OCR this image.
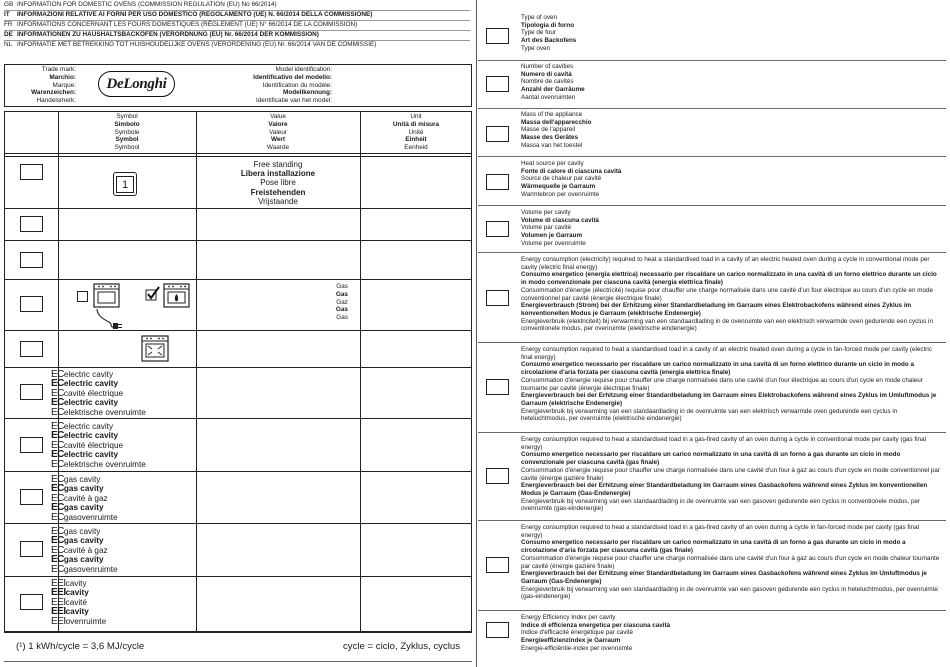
GB INFORMATION FOR DOMESTIC OVENS (COMMISSION REGULATION (EU) No 66/2014)
IT INFORMAZIONI RELATIVE AI FORNI PER USO DOMESTICO (REGOLAMENTO (UE) N. 66/2014 DELLA COMMISSIONE)
FR INFORMATIONS CONCERNANT LES FOURS DOMESTIQUES (RÈGLEMENT (UE) N° 66/2014 DE LA COMMISSION)
DE INFORMATIONEN ZU HAUSHALTSBACKÖFEN (VERORDNUNG (EU) Nr. 66/2014 DER KOMMISSION)
NL INFORMATIE MET BETREKKING TOT HUISHOUDELIJKE OVENS (VERORDENING (EU) Nr. 66/2014 VAN DE COMMISSIE)
Trade mark:
Marchio:
Marque:
Warenzeichen:
Handelsmerk:
DeLonghi
Model identification:
Identificativo del modello:
Identification du modèle:
Modellkennung:
Identificatie van het model:
Symbol
Simbolo
Symbole
Symbol
Symbool
Value
Valore
Valeur
Wert
Waarde
Unit
Unità di misura
Unité
Einheit
Eenheid
1
Free standing
Libera installazione
Pose libre
Freistehenden
Vrijstaande
Gas
Gas
Gaz
Gas
Gas
ECelectric cavity
ECelectric cavity
ECcavité électrique
ECelectric cavity
ECelektrische ovenruimte
ECelectric cavity
ECelectric cavity
ECcavité électrique
ECelectric cavity
ECelektrische ovenruimte
ECgas cavity
ECgas cavity
ECcavité à gaz
ECgas cavity
ECgasovenruimte
ECgas cavity
ECgas cavity
ECcavité à gaz
ECgas cavity
ECgasovenruimte
EEIcavity
EEIcavity
EEIcavité
EEIcavity
EEIovenruimte
(¹) 1 kWh/cycle = 3,6 MJ/cycle	cycle = ciclo, Zyklus, cyclus
Type of oven
Tipologia di forno
Type de four
Art des Backofens
Type oven
Number of cavities
Numero di cavità
Nombre de cavités
Anzahl der Garräume
Aantal ovenruimten
Mass of the appliance
Massa dell'apparecchio
Masse de l'appareil
Masse des Gerätes
Massa van het toestel
Heat source per cavity
Fonte di calore di ciascuna cavità
Source de chaleur par cavité
Wärmequelle je Garraum
Warmtebron per ovenruimte
Volume per cavity
Volume di ciascuna cavità
Volume par cavité
Volumen je Garraum
Volume per ovenruimte
Energy consumption (electricity) required to heat a standardised load in a cavity of an electric heated oven during a cycle in conventional mode per cavity (electric final energy)
Consumo energetico (energia elettrica) necessario per riscaldare un carico normalizzato in una cavità di un forno elettrico durante un ciclo in modo convenzionale per ciascuna cavità (energia elettrica finale)
Consommation d'énergie (électricité) requise pour chauffer une charge normalisée dans une cavité d'un four électrique au cours d'un cycle en mode conventionnel par cavité (énergie électrique finale)
Energieverbrauch (Strom) bei der Erhitzung einer Standardbeladung im Garraum eines Elektrobackofens während eines Zyklus im konventionellen Modus je Garraum (elektrische Endenergie)
Energieverbruik (elektriciteit) bij verwarming van een standaardlading in de ovenruimte van een elektrisch verwarmde oven gedurende een cyclus in conventionele modus, per ovenruimte (elektrische eindenergie)
Energy consumption required to heat a standardised load in a cavity of an electric heated oven during a cycle in fan-forced mode per cavity (electric final energy)
Consumo energetico necessario per riscaldare un carico normalizzato in una cavità di un forno elettrico durante un ciclo in modo a circolazione d'aria forzata per ciascuna cavità (energia elettrica finale)
Consommation d'énergie requise pour chauffer une charge normalisée dans une cavité d'un four électrique au cours d'un cycle en mode chaleur tournante par cavité (énergie électrique finale)
Energieverbrauch bei der Erhitzung einer Standardbeladung im Garraum eines Elektrobackofens während eines Zyklus im Umluftmodus je Garraum (elektrische Endenergie)
Energieverbruik bij verwarming van een standaardlading in de ovenruimte van een elektrisch verwarmde oven gedurende een cyclus in heteluchtmodus, per ovenruimte (elektrische eindenergie)
Energy consumption required to heat a standardised load in a gas-fired cavity of an oven during a cycle in conventional mode per cavity (gas final energy)
Consumo energetico necessario per riscaldare un carico normalizzato in una cavità di un forno a gas durante un ciclo in modo convenzionale per ciascuna cavità (gas finale)
Consommation d'énergie requise pour chauffer une charge normalisée dans une cavité d'un four à gaz au cours d'un cycle en mode conventionnel par cavité (énergie gazière finale)
Energieverbrauch bei der Erhitzung einer Standardbeladung im Garraum eines Gasbackofens während eines Zyklus im konventionellen Modus je Garraum (Gas-Endenergie)
Energieverbruik bij verwarming van een standaardlading in de ovenruimte van een gasoven gedurende een cyclus in conventionele modus, per ovenruimte (gas-eindenergie)
Energy consumption required to heat a standardised load in a gas-fired cavity of an oven during a cycle in fan-forced mode per cavity (gas final energy)
Consumo energetico necessario per riscaldare un carico normalizzato in una cavità di un forno a gas durante un ciclo in modo a circolazione d'aria forzata per ciascuna cavità (gas finale)
Consommation d'énergie requise pour chauffer une charge normalisée dans une cavité d'un four à gaz au cours d'un cycle en mode chaleur tournante par cavité (énergie gazière finale)
Energieverbrauch bei der Erhitzung einer Standardbeladung im Garraum eines Gasbackofens während eines Zyklus im Umluftmodus je Garraum (Gas-Endenergie)
Energieverbruik bij verwarming van een standaardlading in de ovenruimte van een gasoven gedurende een cyclus in heteluchtmodus, per ovenruimte (gas-eindenergie)
Energy Efficiency Index per cavity
Indice di efficienza energetica per ciascuna cavità
Indice d'efficacité énergétique par cavité
Energieeffizienzindex je Garraum
Energie-efficiëntie-index per ovenruimte
